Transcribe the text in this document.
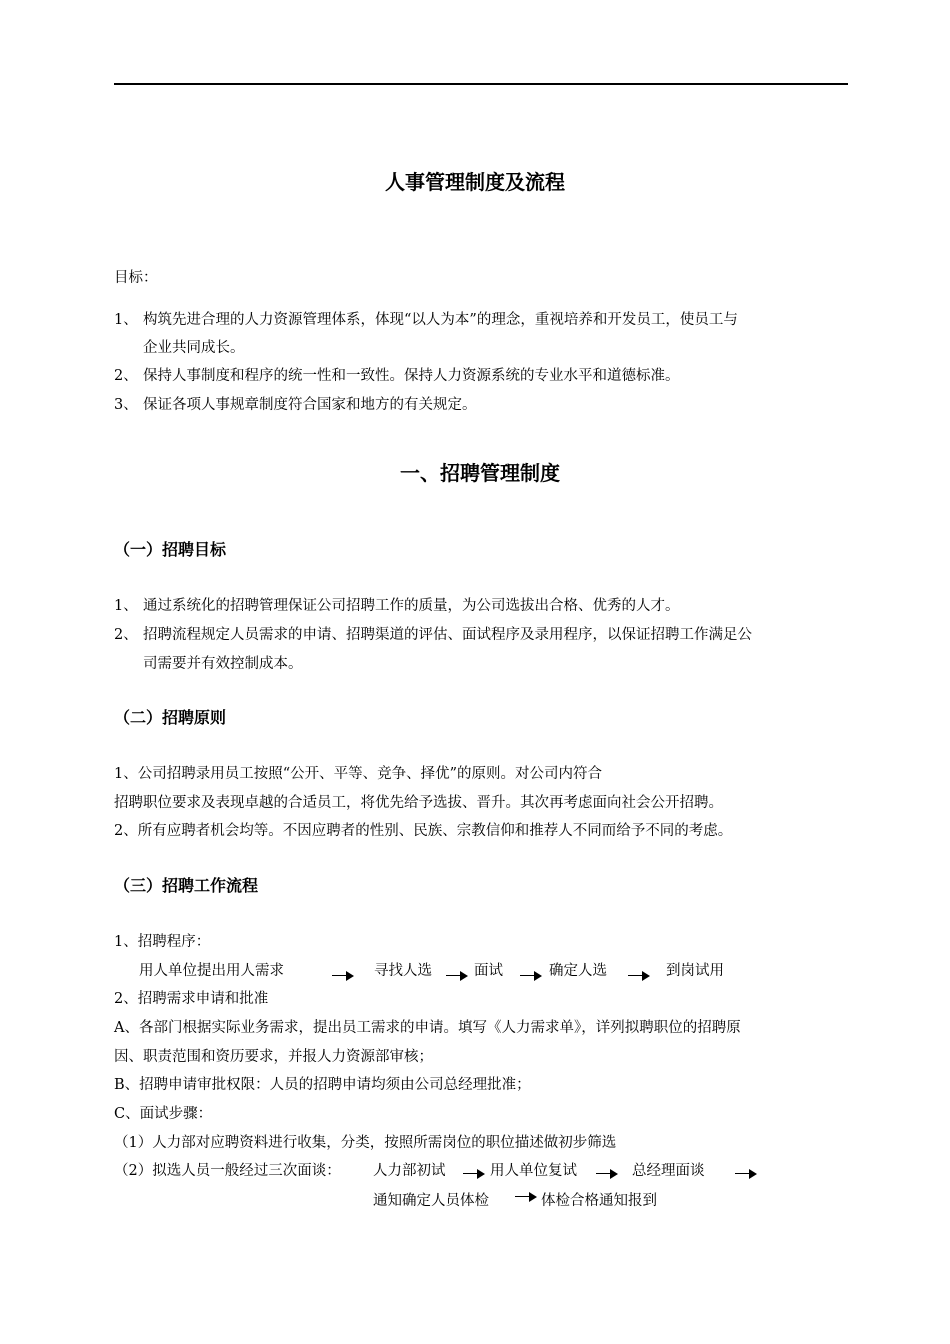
人事管理制度及流程
目标：
1、 构筑先进合理的人力资源管理体系，体现“以人为本”的理念，重视培养和开发员工，使员工与
企业共同成长。
2、 保持人事制度和程序的统一性和一致性。保持人力资源系统的专业水平和道德标准。
3、 保证各项人事规章制度符合国家和地方的有关规定。
一、招聘管理制度
（一）招聘目标
1、 通过系统化的招聘管理保证公司招聘工作的质量，为公司选拔出合格、优秀的人才。
2、 招聘流程规定人员需求的申请、招聘渠道的评估、面试程序及录用程序，以保证招聘工作满足公
司需要并有效控制成本。
（二）招聘原则
1、公司招聘录用员工按照“公开、平等、竞争、择优”的原则。对公司内符合
招聘职位要求及表现卓越的合适员工，将优先给予选拔、晋升。其次再考虑面向社会公开招聘。
2、所有应聘者机会均等。不因应聘者的性别、民族、宗教信仰和推荐人不同而给予不同的考虑。
（三）招聘工作流程
1、招聘程序：
用人单位提出用人需求	寻找人选	面试	确定人选	到岗试用
2、招聘需求申请和批准
A、各部门根据实际业务需求，提出员工需求的申请。填写《人力需求单》，详列拟聘职位的招聘原
因、职责范围和资历要求，并报人力资源部审核；
B、招聘申请审批权限：人员的招聘申请均须由公司总经理批准；
C、面试步骤：
（1）人力部对应聘资料进行收集，分类，按照所需岗位的职位描述做初步筛选
（2）拟选人员一般经过三次面谈： 人力部初试	用人单位复试	总经理面谈
通知确定人员体检	体检合格通知报到
